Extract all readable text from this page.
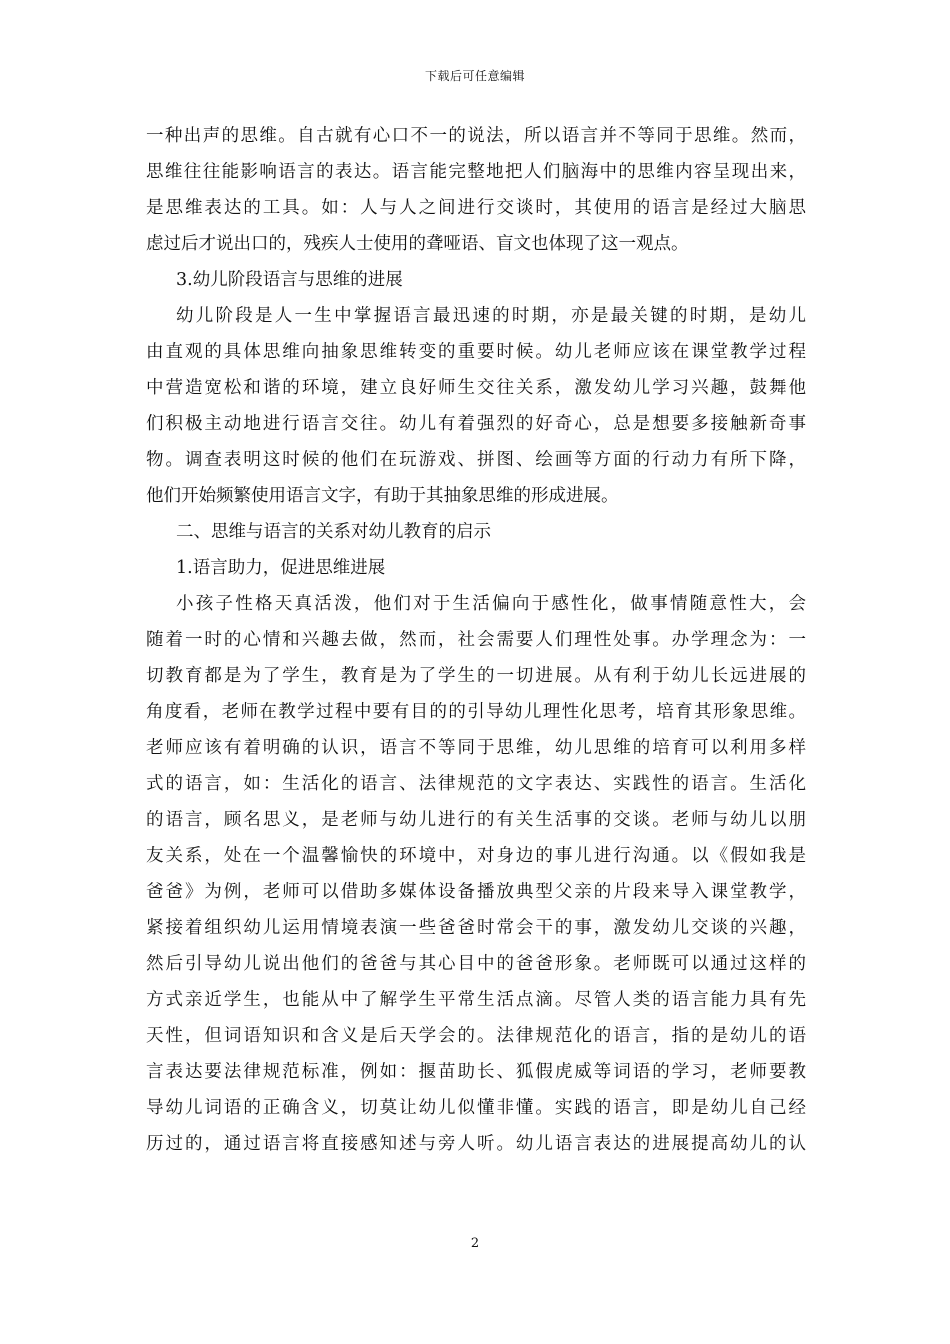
下载后可任意编辑
一种出声的思维。自古就有心口不一的说法，所以语言并不等同于思维。然而，
思维往往能影响语言的表达。语言能完整地把人们脑海中的思维内容呈现出来，
是思维表达的工具。如：人与人之间进行交谈时，其使用的语言是经过大脑思
虑过后才说出口的，残疾人士使用的聋哑语、盲文也体现了这一观点。
3.幼儿阶段语言与思维的进展
幼儿阶段是人一生中掌握语言最迅速的时期，亦是最关键的时期，是幼儿
由直观的具体思维向抽象思维转变的重要时候。幼儿老师应该在课堂教学过程
中营造宽松和谐的环境，建立良好师生交往关系，激发幼儿学习兴趣，鼓舞他
们积极主动地进行语言交往。幼儿有着强烈的好奇心，总是想要多接触新奇事
物。调查表明这时候的他们在玩游戏、拼图、绘画等方面的行动力有所下降，
他们开始频繁使用语言文字，有助于其抽象思维的形成进展。
二、思维与语言的关系对幼儿教育的启示
1.语言助力，促进思维进展
小孩子性格天真活泼，他们对于生活偏向于感性化，做事情随意性大，会
随着一时的心情和兴趣去做，然而，社会需要人们理性处事。办学理念为：一
切教育都是为了学生，教育是为了学生的一切进展。从有利于幼儿长远进展的
角度看，老师在教学过程中要有目的的引导幼儿理性化思考，培育其形象思维。
老师应该有着明确的认识，语言不等同于思维，幼儿思维的培育可以利用多样
式的语言，如：生活化的语言、法律规范的文字表达、实践性的语言。生活化
的语言，顾名思义，是老师与幼儿进行的有关生活事的交谈。老师与幼儿以朋
友关系，处在一个温馨愉快的环境中，对身边的事儿进行沟通。以《假如我是
爸爸》为例，老师可以借助多媒体设备播放典型父亲的片段来导入课堂教学，
紧接着组织幼儿运用情境表演一些爸爸时常会干的事，激发幼儿交谈的兴趣，
然后引导幼儿说出他们的爸爸与其心目中的爸爸形象。老师既可以通过这样的
方式亲近学生，也能从中了解学生平常生活点滴。尽管人类的语言能力具有先
天性，但词语知识和含义是后天学会的。法律规范化的语言，指的是幼儿的语
言表达要法律规范标准，例如：揠苗助长、狐假虎威等词语的学习，老师要教
导幼儿词语的正确含义，切莫让幼儿似懂非懂。实践的语言，即是幼儿自己经
历过的，通过语言将直接感知述与旁人听。幼儿语言表达的进展提高幼儿的认
2
